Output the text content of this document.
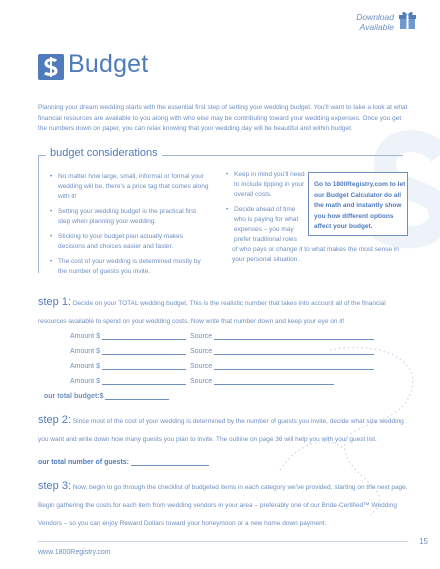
Download
Available
Budget
Planning your dream wedding starts with the essential first step of setting your wedding budget. You'll want to take a look at what financial resources are available to you along with who else may be contributing toward your wedding expenses. Once you get the numbers down on paper, you can relax knowing that your wedding day will be beautiful and within budget.
budget considerations
• No matter how large, small, informal or formal your wedding will be, there's a price tag that comes along with it!
• Setting your wedding budget is the practical first step when planning your wedding.
• Sticking to your budget plan actually makes decisions and choices easier and faster.
• The cost of your wedding is determined mostly by the number of guests you invite.
• Keep in mind you'll need to include tipping in your overall costs.
• Decide ahead of time who is paying for what expenses – you may prefer traditional roles
Go to 1800Registry.com to let our Budget Calculator do all the math and instantly show you how different options affect your budget.
of who pays or change it to what makes the most sense in your personal situation.
step 1: Decide on your TOTAL wedding budget. This is the realistic number that takes into account all of the financial resources available to spend on your wedding costs. Now write that number down and keep your eye on it!
Amount $	Source
Amount $	Source
Amount $	Source
Amount $	Source
our total budget:$
step 2: Since most of the cost of your wedding is determined by the number of guests you invite, decide what size wedding you want and write down how many guests you plan to invite. The outline on page 36 will help you with your guest list.
our total number of guests:
step 3: Now, begin to go through the checklist of budgeted items in each category we've provided, starting on the next page. Begin gathering the costs for each item from wedding vendors in your area – preferably one of our Bride-Certified™ Wedding Vendors – so you can enjoy Reward Dollars toward your honeymoon or a new home down payment.
www.1800Registry.com
15
